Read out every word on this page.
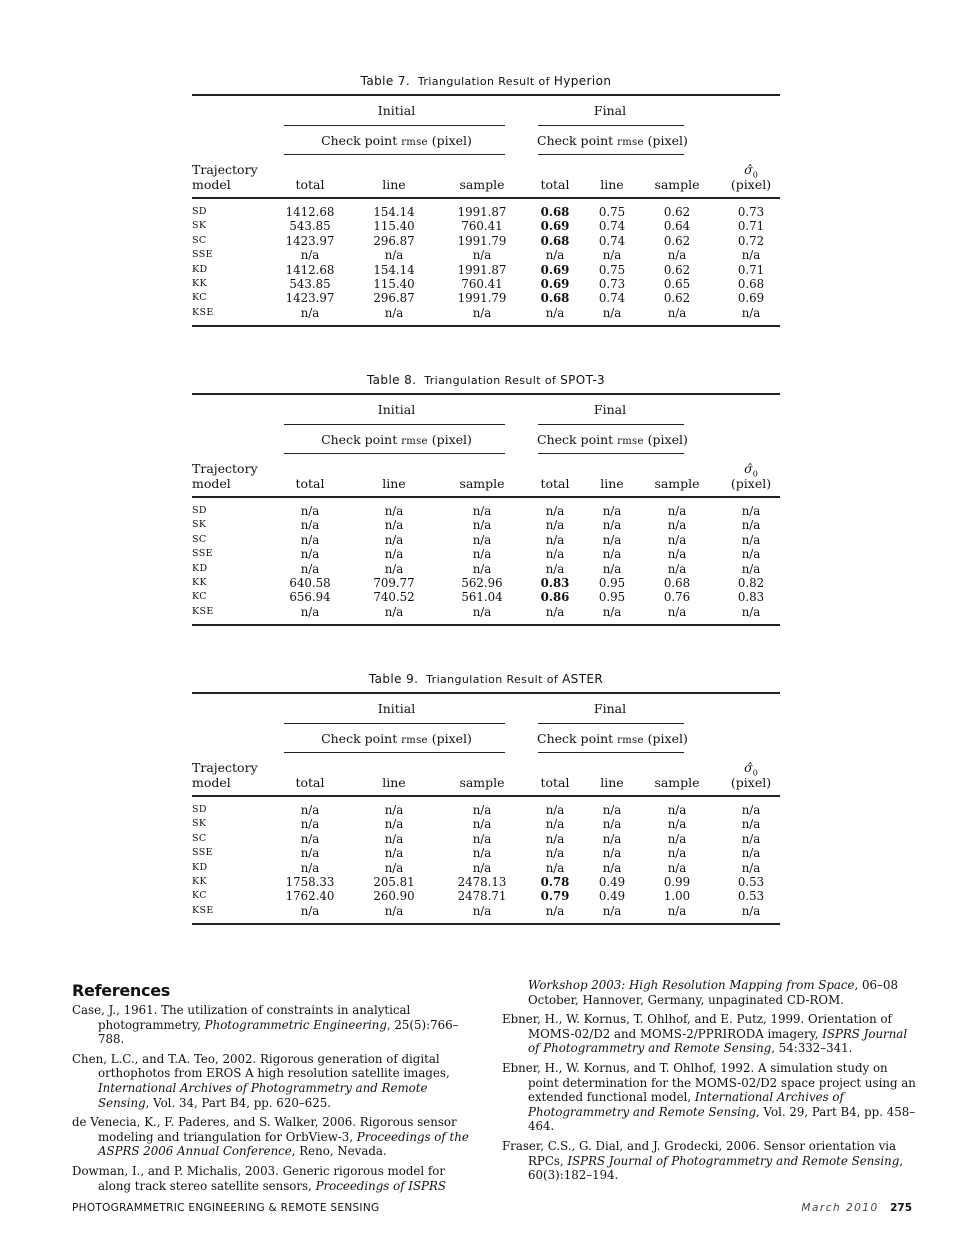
Table 7. Triangulation Result of Hyperion
Initial	Final
Check point rmse (pixel)	Check point rmse (pixel)
Trajectory
model	total	line	sample	total	line	sample
$\sigmâ_0$
(pixel)
SD	1412.68	154.14	1991.87	0.68	0.75	0.62	0.73
SK	543.85	115.40	760.41	0.69	0.74	0.64	0.71
SC	1423.97	296.87	1991.79	0.68	0.74	0.62	0.72
SSE	n/a	n/a	n/a	n/a	n/a	n/a	n/a
KD	1412.68	154.14	1991.87	0.69	0.75	0.62	0.71
KK	543.85	115.40	760.41	0.69	0.73	0.65	0.68
KC	1423.97	296.87	1991.79	0.68	0.74	0.62	0.69
KSE	n/a	n/a	n/a	n/a	n/a	n/a	n/a
Table 8. Triangulation Result of SPOT-3
Initial	Final
Check point rmse (pixel)	Check point rmse (pixel)
Trajectory
model	total	line	sample	total	line	sample
$\sigmâ_0$
(pixel)
SD	n/a	n/a	n/a	n/a	n/a	n/a	n/a
SK	n/a	n/a	n/a	n/a	n/a	n/a	n/a
SC	n/a	n/a	n/a	n/a	n/a	n/a	n/a
SSE	n/a	n/a	n/a	n/a	n/a	n/a	n/a
KD	n/a	n/a	n/a	n/a	n/a	n/a	n/a
KK	640.58	709.77	562.96	0.83	0.95	0.68	0.82
KC	656.94	740.52	561.04	0.86	0.95	0.76	0.83
KSE	n/a	n/a	n/a	n/a	n/a	n/a	n/a
Table 9. Triangulation Result of ASTER
Initial	Final
Check point rmse (pixel)	Check point rmse (pixel)
Trajectory
model	total	line	sample	total	line	sample
$\sigmâ_0$
(pixel)
SD	n/a	n/a	n/a	n/a	n/a	n/a	n/a
SK	n/a	n/a	n/a	n/a	n/a	n/a	n/a
SC	n/a	n/a	n/a	n/a	n/a	n/a	n/a
SSE	n/a	n/a	n/a	n/a	n/a	n/a	n/a
KD	n/a	n/a	n/a	n/a	n/a	n/a	n/a
KK	1758.33	205.81	2478.13	0.78	0.49	0.99	0.53
KC	1762.40	260.90	2478.71	0.79	0.49	1.00	0.53
KSE	n/a	n/a	n/a	n/a	n/a	n/a	n/a
References
Case, J., 1961. The utilization of constraints in analytical photogrammetry, Photogrammetric Engineering, 25(5):766–788.
Chen, L.C., and T.A. Teo, 2002. Rigorous generation of digital orthophotos from EROS A high resolution satellite images, International Archives of Photogrammetry and Remote Sensing, Vol. 34, Part B4, pp. 620–625.
de Venecia, K., F. Paderes, and S. Walker, 2006. Rigorous sensor modeling and triangulation for OrbView-3, Proceedings of the ASPRS 2006 Annual Conference, Reno, Nevada.
Dowman, I., and P. Michalis, 2003. Generic rigorous model for along track stereo satellite sensors, Proceedings of ISPRS
Workshop 2003: High Resolution Mapping from Space, 06–08 October, Hannover, Germany, unpaginated CD-ROM.
Ebner, H., W. Kornus, T. Ohlhof, and E. Putz, 1999. Orientation of MOMS-02/D2 and MOMS-2/PPRIRODA imagery, ISPRS Journal of Photogrammetry and Remote Sensing, 54:332–341.
Ebner, H., W. Kornus, and T. Ohlhof, 1992. A simulation study on point determination for the MOMS-02/D2 space project using an extended functional model, International Archives of Photogrammetry and Remote Sensing, Vol. 29, Part B4, pp. 458–464.
Fraser, C.S., G. Dial, and J. Grodecki, 2006. Sensor orientation via RPCs, ISPRS Journal of Photogrammetry and Remote Sensing, 60(3):182–194.
PHOTOGRAMMETRIC ENGINEERING & REMOTE SENSING	March 2010 275
